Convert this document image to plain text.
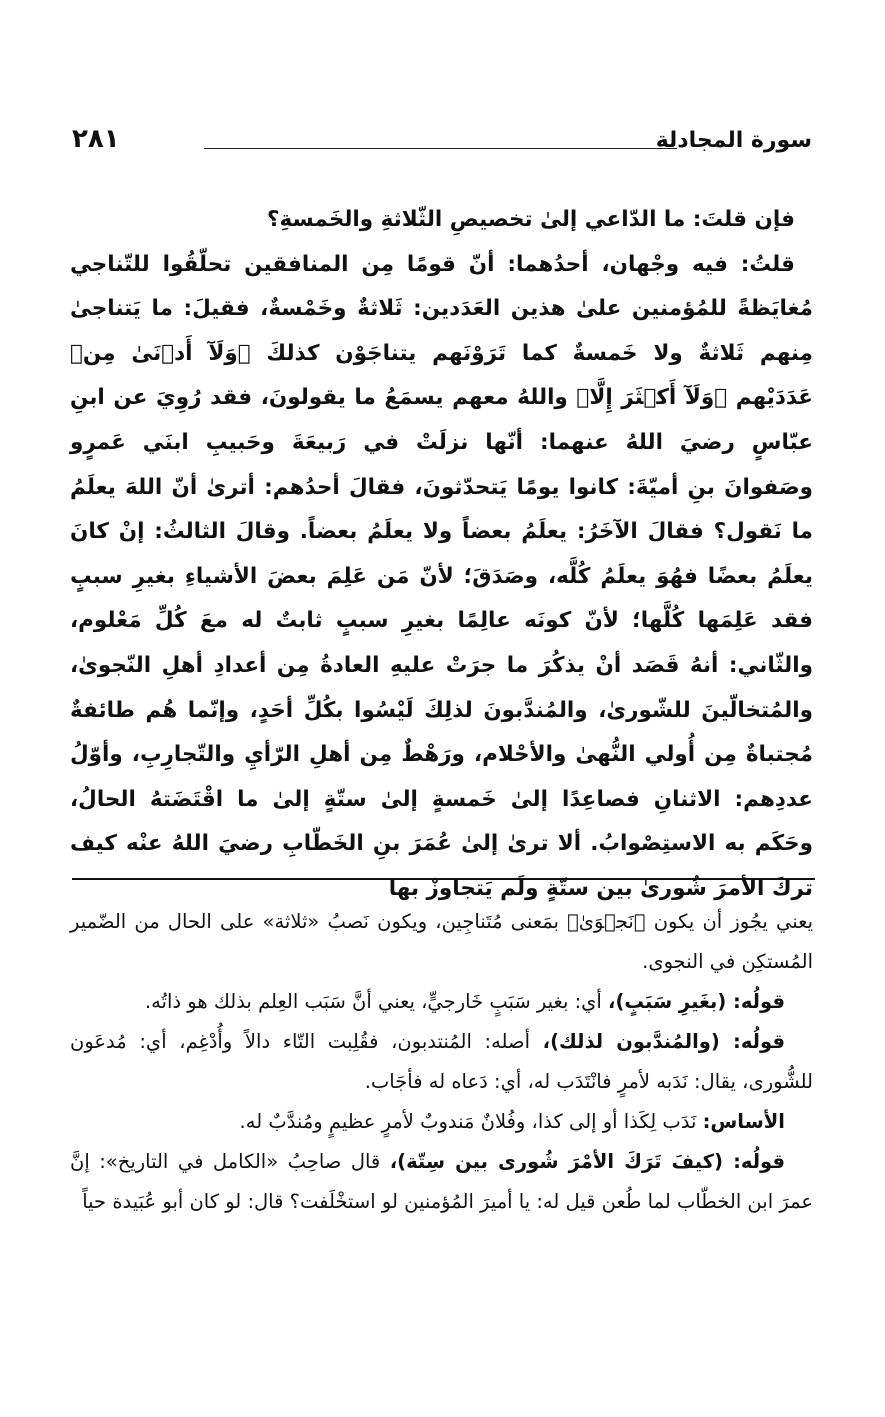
سورة المجادلة
٢٨١

فإن قلتَ: ما الدّاعي إلىٰ تخصيصِ الثّلاثةِ والخَمسةِ؟

قلتُ: فيه وجْهان، أحدُهما: أنّ قومًا مِن المنافقين تحلّقُوا للتّناجي مُغايَظةً للمُؤمنين علىٰ هذين العَدَدين: ثَلاثةٌ وخَمْسةٌ، فقيلَ: ما يَتناجىٰ مِنهم ثَلاثةٌ ولا خَمسةٌ كما تَرَوْنَهم يتناجَوْن كذلكَ ﴿وَلَآ أَدۡنَىٰ مِن﴾ عَدَدَيْهم ﴿وَلَآ أَكۡثَرَ إِلَّا﴾ واللهُ معهم يسمَعُ ما يقولونَ، فقد رُوِيَ عن ابنِ عبّاسٍ رضيَ اللهُ عنهما: أنّها نزلَتْ في رَبيعَةَ وحَبيبِ ابنَي عَمرٍو وصَفوانَ بنِ أميّةَ: كانوا يومًا يَتحدّثونَ، فقالَ أحدُهم: أترىٰ أنّ اللهَ يعلَمُ ما نَقول؟ فقالَ الآخَرُ: يعلَمُ بعضاً ولا يعلَمُ بعضاً. وقالَ الثالثُ: إنْ كانَ يعلَمُ بعضًا فهُوَ يعلَمُ كُلَّه، وصَدَقَ؛ لأنّ مَن عَلِمَ بعضَ الأشياءِ بغيرِ سببٍ فقد عَلِمَها كُلَّها؛ لأنّ كونَه عالِمًا بغيرِ سببٍ ثابتٌ له معَ كُلِّ مَعْلوم، والثّاني: أنهُ قَصَد أنْ يذكُرَ ما جرَتْ عليهِ العادةُ مِن أعدادِ أهلِ النّجوىٰ، والمُتخالّينَ للشّورىٰ، والمُندَّبونَ لذلِكَ لَيْسُوا بكُلِّ أحَدٍ، وإنّما هُم طائفةٌ مُجتباةٌ مِن أُولي النُّهىٰ والأحْلام، ورَهْطٌ مِن أهلِ الرّأيِ والتّجارِبِ، وأوّلُ عددِهم: الاثنانِ فصاعِدًا إلىٰ خَمسةٍ إلىٰ ستّةٍ إلىٰ ما اقْتَضَتهُ الحالُ، وحَكَم به الاستِصْوابُ. ألا ترىٰ إلىٰ عُمَرَ بنِ الخَطّابِ رضيَ اللهُ عنْه كيف تركَ الأمرَ شُورىٰ بين ستّةٍ ولَم يَتجاوزْ بها

يعني يجُوز أن يكون ﴿نَجۡوَىٰ﴾ بمَعنى مُتَناجِين، ويكون نَصبُ «ثلاثة» على الحال من الضّمير المُستكِن في النجوى.

قولُه: (بغَيرِ سَبَبٍ)، أي: بغير سَبَبٍ خَارجيٍّ، يعني أنَّ سَبَب العِلم بذلك هو ذاتُه.

قولُه: (والمُندَّبون لذلك)، أصله: المُنتدبون، فقُلِبت التّاء دالاً وأُدْغِم، أي: مُدعَون للشُّورى، يقال: نَدَبه لأمرٍ فانْتَدَب له، أي: دَعاه له فأجَاب.

الأساس: نَدَب لِكَذا أو إلى كذا، وفُلانٌ مَندوبٌ لأمرٍ عظيمٍ ومُندَّبٌ له.

قولُه: (كيفَ تَرَكَ الأمْرَ شُورى بين سِتّة)، قال صاحِبُ «الكامل في التاريخ»: إنَّ عمرَ ابن الخطّاب لما طُعن قيل له: يا أميرَ المُؤمنين لو استخْلَفت؟ قال: لو كان أبو عُبَيدة حياً
